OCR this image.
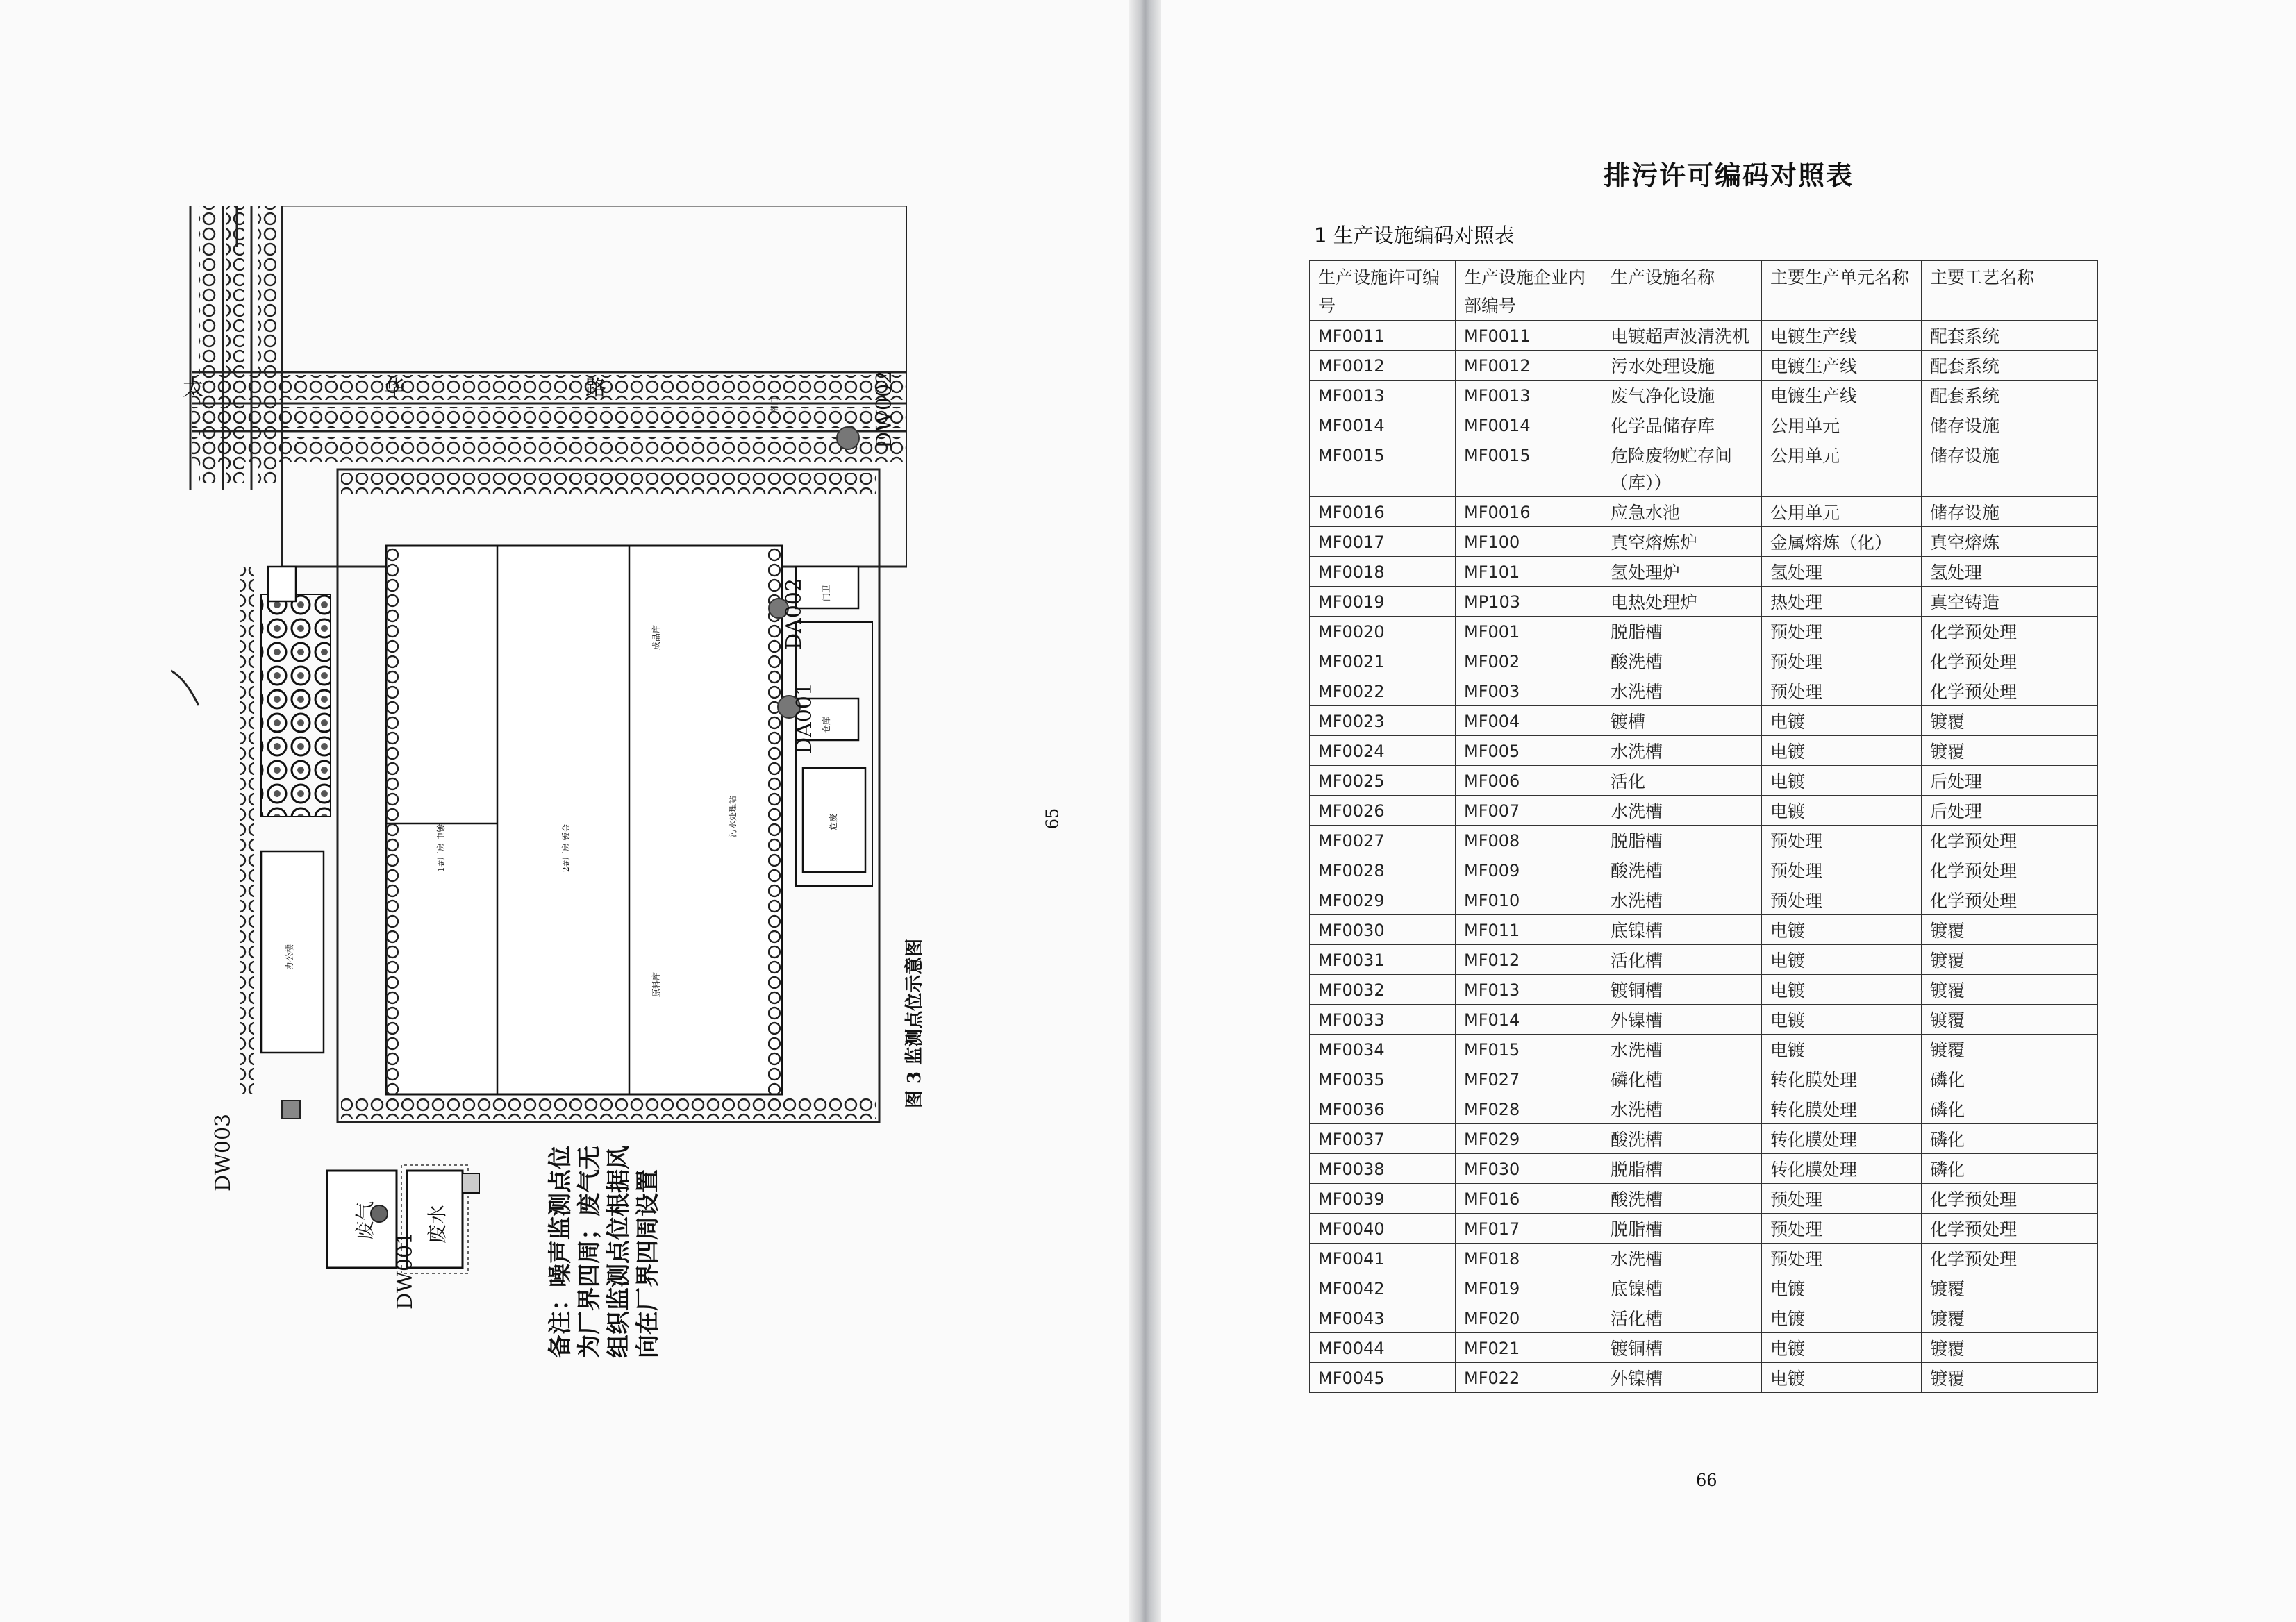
太	华	路
南门	DW002
DA002
DA001
DW003
DW001
办公楼
1#厂房 电镀	2#厂房 钣金
成品库
原料库
污水处理站
门卫
仓库
危废
废气	废水
图 3 监测点位示意图
备注：噪声监测点位 为厂界四周；废气无 组织监测点位根据风 向在厂界四周设置
65
排污许可编码对照表
1 生产设施编码对照表
生产设施许可编号	生产设施企业内部编号	生产设施名称	主要生产单元名称	主要工艺名称
MF0011	MF0011	电镀超声波清洗机	电镀生产线	配套系统
MF0012	MF0012	污水处理设施	电镀生产线	配套系统
MF0013	MF0013	废气净化设施	电镀生产线	配套系统
MF0014	MF0014	化学品储存库	公用单元	储存设施
MF0015	MF0015	危险废物贮存间（库））	公用单元	储存设施
MF0016	MF0016	应急水池	公用单元	储存设施
MF0017	MF100	真空熔炼炉	金属熔炼（化）	真空熔炼
MF0018	MF101	氢处理炉	氢处理	氢处理
MF0019	MP103	电热处理炉	热处理	真空铸造
MF0020	MF001	脱脂槽	预处理	化学预处理
MF0021	MF002	酸洗槽	预处理	化学预处理
MF0022	MF003	水洗槽	预处理	化学预处理
MF0023	MF004	镀槽	电镀	镀覆
MF0024	MF005	水洗槽	电镀	镀覆
MF0025	MF006	活化	电镀	后处理
MF0026	MF007	水洗槽	电镀	后处理
MF0027	MF008	脱脂槽	预处理	化学预处理
MF0028	MF009	酸洗槽	预处理	化学预处理
MF0029	MF010	水洗槽	预处理	化学预处理
MF0030	MF011	底镍槽	电镀	镀覆
MF0031	MF012	活化槽	电镀	镀覆
MF0032	MF013	镀铜槽	电镀	镀覆
MF0033	MF014	外镍槽	电镀	镀覆
MF0034	MF015	水洗槽	电镀	镀覆
MF0035	MF027	磷化槽	转化膜处理	磷化
MF0036	MF028	水洗槽	转化膜处理	磷化
MF0037	MF029	酸洗槽	转化膜处理	磷化
MF0038	MF030	脱脂槽	转化膜处理	磷化
MF0039	MF016	酸洗槽	预处理	化学预处理
MF0040	MF017	脱脂槽	预处理	化学预处理
MF0041	MF018	水洗槽	预处理	化学预处理
MF0042	MF019	底镍槽	电镀	镀覆
MF0043	MF020	活化槽	电镀	镀覆
MF0044	MF021	镀铜槽	电镀	镀覆
MF0045	MF022	外镍槽	电镀	镀覆
66
